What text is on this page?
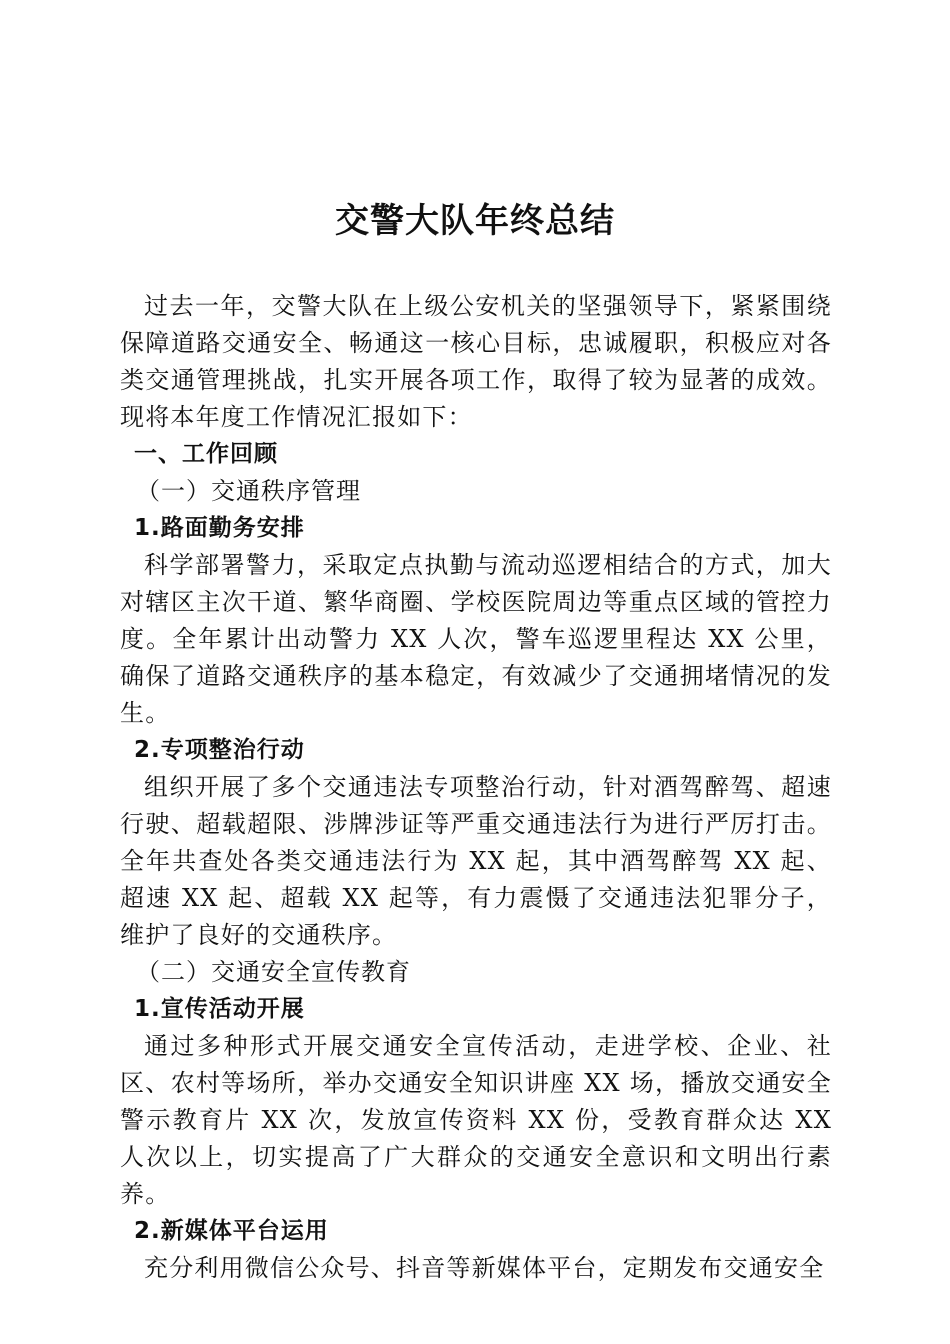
交警大队年终总结

过去一年，交警大队在上级公安机关的坚强领导下，紧紧围绕保障道路交通安全、畅通这一核心目标，忠诚履职，积极应对各类交通管理挑战，扎实开展各项工作，取得了较为显著的成效。现将本年度工作情况汇报如下：

一、工作回顾
（一）交通秩序管理
1.路面勤务安排

科学部署警力，采取定点执勤与流动巡逻相结合的方式，加大对辖区主次干道、繁华商圈、学校医院周边等重点区域的管控力度。全年累计出动警力 XX 人次，警车巡逻里程达 XX 公里，确保了道路交通秩序的基本稳定，有效减少了交通拥堵情况的发生。

2.专项整治行动

组织开展了多个交通违法专项整治行动，针对酒驾醉驾、超速行驶、超载超限、涉牌涉证等严重交通违法行为进行严厉打击。全年共查处各类交通违法行为 XX 起，其中酒驾醉驾 XX 起、超速 XX 起、超载 XX 起等，有力震慑了交通违法犯罪分子，维护了良好的交通秩序。

（二）交通安全宣传教育
1.宣传活动开展

通过多种形式开展交通安全宣传活动，走进学校、企业、社区、农村等场所，举办交通安全知识讲座 XX 场，播放交通安全警示教育片 XX 次，发放宣传资料 XX 份，受教育群众达 XX 人次以上，切实提高了广大群众的交通安全意识和文明出行素养。

2.新媒体平台运用

充分利用微信公众号、抖音等新媒体平台，定期发布交通安全
